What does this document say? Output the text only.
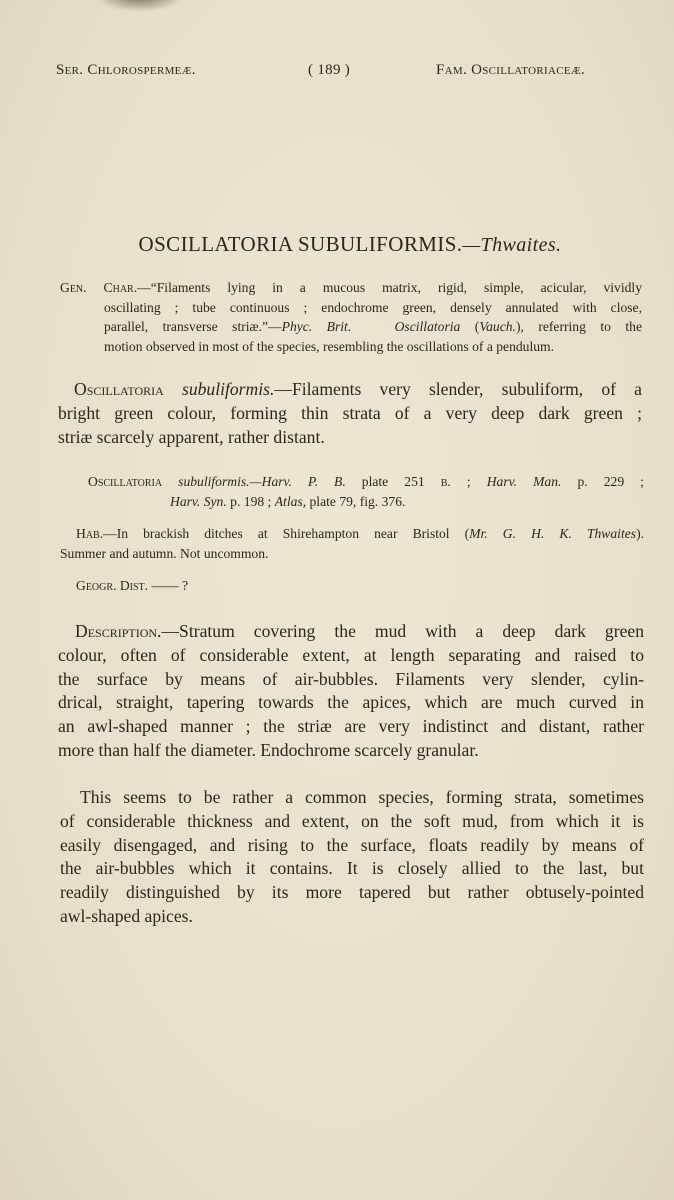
Ser. Chlorospermeæ.	( 189 )	Fam. Oscillatoriaceæ.
OSCILLATORIA SUBULIFORMIS.—Thwaites.

Gen. Char.—“Filaments lying in a mucous matrix, rigid, simple, acicular, vividly

oscillating ; tube continuous ; endochrome green, densely annulated with close,

parallel, transverse striæ.”—Phyc. Brit.	Oscillatoria (Vauch.), referring to the

motion observed in most of the species, resembling the oscillations of a pendulum.

Oscillatoria subuliformis.—Filaments very slender, subuliform, of a

bright green colour, forming thin strata of a very deep dark green ;

striæ scarcely apparent, rather distant.

Oscillatoria subuliformis.—Harv. P. B. plate 251 b. ; Harv. Man. p. 229 ;

Harv. Syn. p. 198 ; Atlas, plate 79, fig. 376.

Hab.—In brackish ditches at Shirehampton near Bristol (Mr. G. H. K. Thwaites).

Summer and autumn. Not uncommon.

Geogr. Dist. —— ?

Description.—Stratum covering the mud with a deep dark green

colour, often of considerable extent, at length separating and raised to

the surface by means of air-bubbles. Filaments very slender, cylin-

drical, straight, tapering towards the apices, which are much curved in

an awl-shaped manner ; the striæ are very indistinct and distant, rather

more than half the diameter. Endochrome scarcely granular.

This seems to be rather a common species, forming strata, sometimes

of considerable thickness and extent, on the soft mud, from which it is

easily disengaged, and rising to the surface, floats readily by means of

the air-bubbles which it contains. It is closely allied to the last, but

readily distinguished by its more tapered but rather obtusely-pointed

awl-shaped apices.
